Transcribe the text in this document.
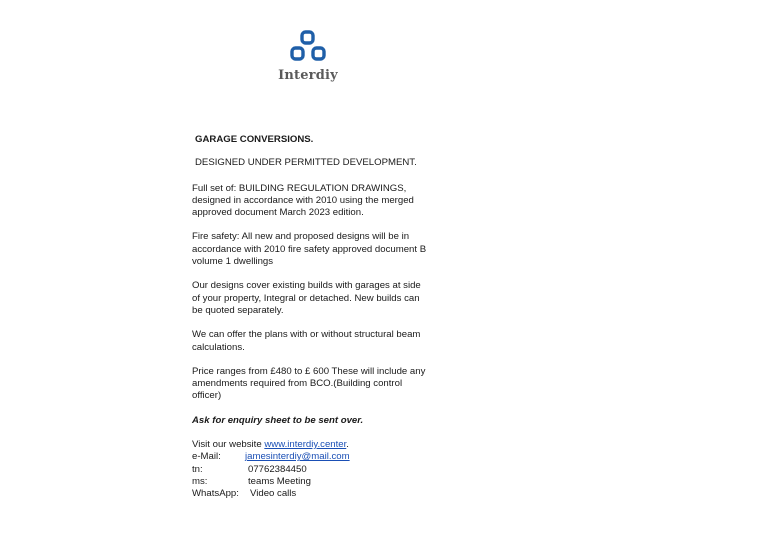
Interdiy

GARAGE CONVERSIONS.

DESIGNED UNDER PERMITTED DEVELOPMENT.

Full set of: BUILDING REGULATION DRAWINGS,
designed in accordance with 2010 using the merged
approved document March 2023 edition.
Fire safety: All new and proposed designs will be in
accordance with 2010 fire safety approved document B
volume 1 dwellings
Our designs cover existing builds with garages at side
of your property, Integral or detached. New builds can
be quoted separately.
We can offer the plans with or without structural beam
calculations.
Price ranges from £480 to £ 600 These will include any
amendments required from BCO.(Building control
officer)

Ask for enquiry sheet to be sent over.

Visit our website www.interdiy.center.
e-Mail:	jamesinterdiy@mail.com
tn:	07762384450
ms:	teams Meeting
WhatsApp:	Video calls
